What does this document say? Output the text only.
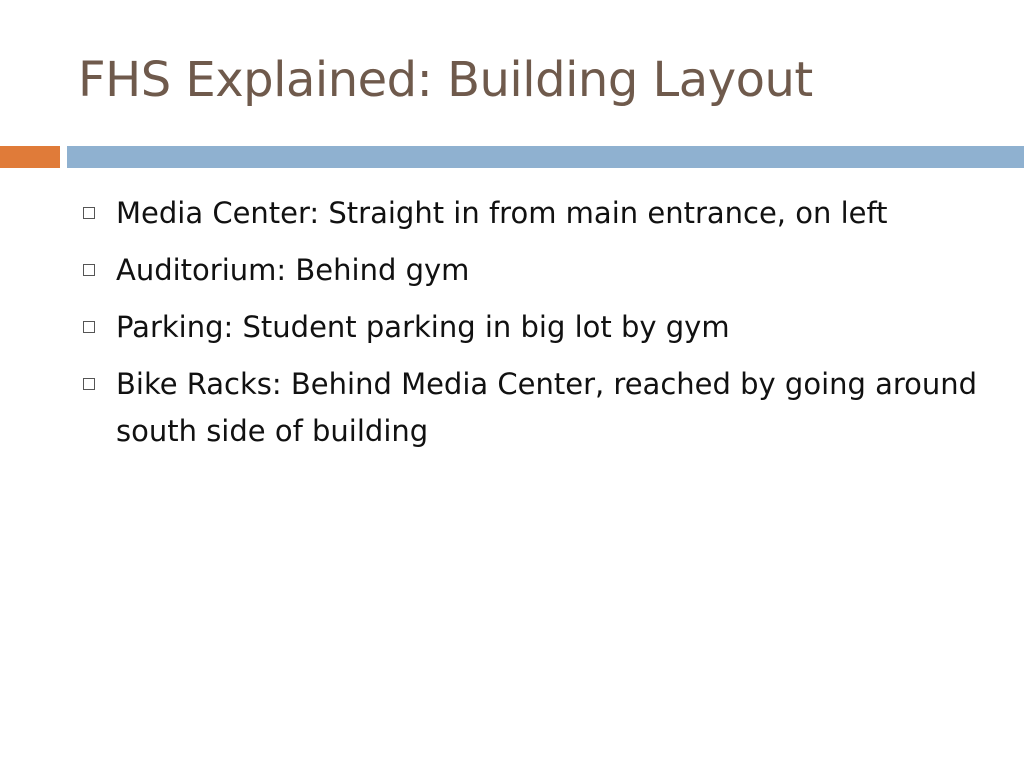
FHS Explained: Building Layout
Media Center: Straight in from main entrance, on left
Auditorium: Behind gym
Parking: Student parking in big lot by gym
Bike Racks: Behind Media Center, reached by going around south side of building
